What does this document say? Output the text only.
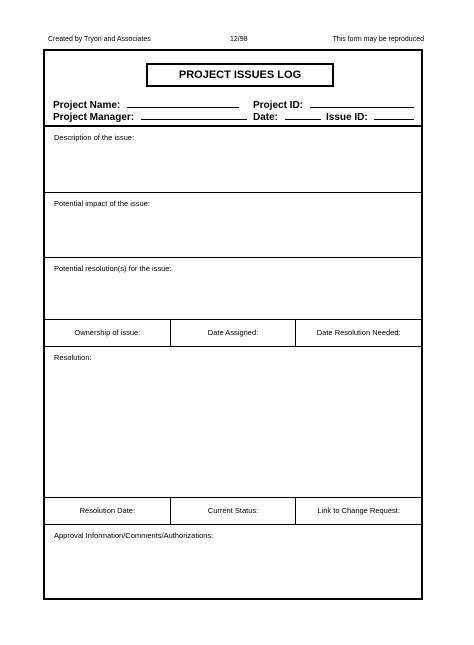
Created by Tryon and Associates	12/98	This form may be reproduced
PROJECT ISSUES LOG
Project Name:	Project ID:
Project Manager:	Date:	Issue ID:
Description of the issue:
Potential impact of the issue:
Potential resolution(s) for the issue:
Ownership of issue:	Date Assigned:	Date Resolution Needed:
Resolution:
Resolution Date:	Current Status:	Link to Change Request:
Approval Information/Comments/Authorizations:
